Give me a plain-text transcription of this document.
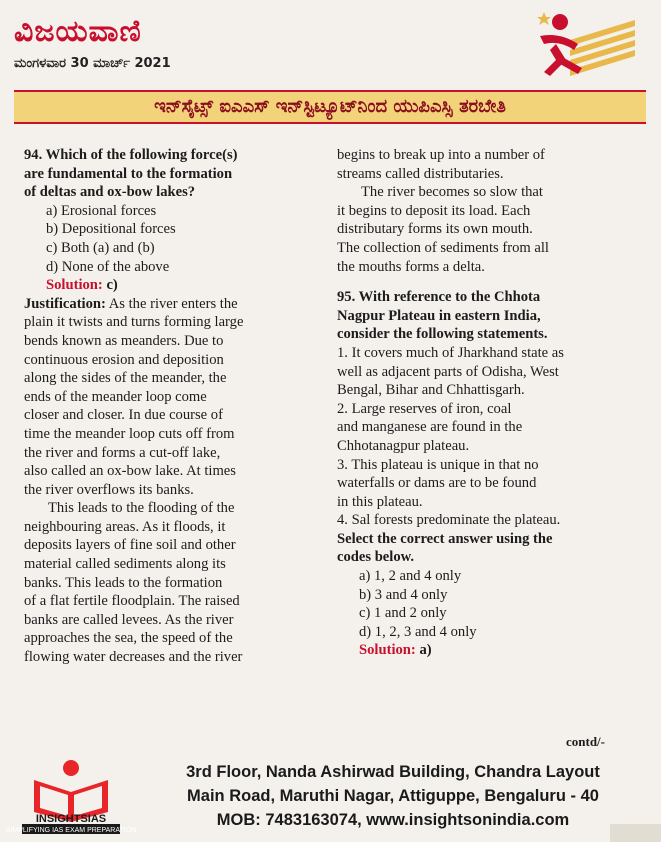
ವಿಜಯವಾಣಿ
ಮಂಗಳವಾರ 30 ಮಾರ್ಚ್ 2021
ಇನ್‌ಸೈಟ್ಸ್ ಐಎಎಸ್ ಇನ್‌ಸ್ಟಿಟ್ಯೂಟ್‌ನಿಂದ ಯುಪಿಎಸ್ಸಿ ತರಬೇತಿ
94. Which of the following force(s)
are fundamental to the formation
of deltas and ox-bow lakes?
a) Erosional forces
b) Depositional forces
c) Both (a) and (b)
d) None of the above
Solution: c)
Justification: As the river enters the
plain it twists and turns forming large
bends known as meanders. Due to
continuous erosion and deposition
along the sides of the meander, the
ends of the meander loop come
closer and closer. In due course of
time the meander loop cuts off from
the river and forms a cut-off lake,
also called an ox-bow lake. At times
the river overflows its banks.
This leads to the flooding of the
neighbouring areas. As it floods, it
deposits layers of fine soil and other
material called sediments along its
banks. This leads to the formation
of a flat fertile floodplain. The raised
banks are called levees. As the river
approaches the sea, the speed of the
flowing water decreases and the river
begins to break up into a number of
streams called distributaries.
The river becomes so slow that
it begins to deposit its load. Each
distributary forms its own mouth.
The collection of sediments from all
the mouths forms a delta.
95. With reference to the Chhota
Nagpur Plateau in eastern India,
consider the following statements.
1. It covers much of Jharkhand state as
well as adjacent parts of Odisha, West
Bengal, Bihar and Chhattisgarh.
2. Large reserves of iron, coal
and manganese are found in the
Chhotanagpur plateau.
3. This plateau is unique in that no
waterfalls or dams are to be found
in this plateau.
4. Sal forests predominate the plateau.
Select the correct answer using the
codes below.
a) 1, 2 and 4 only
b) 3 and 4 only
c) 1 and 2 only
d) 1, 2, 3 and 4 only
Solution: a)
contd/-
SIMPLIFYING IAS EXAM PREPARATION
INSIGHTSIAS
3rd Floor, Nanda Ashirwad Building, Chandra Layout
Main Road, Maruthi Nagar, Attiguppe, Bengaluru - 40
MOB: 7483163074, www.insightsonindia.com
